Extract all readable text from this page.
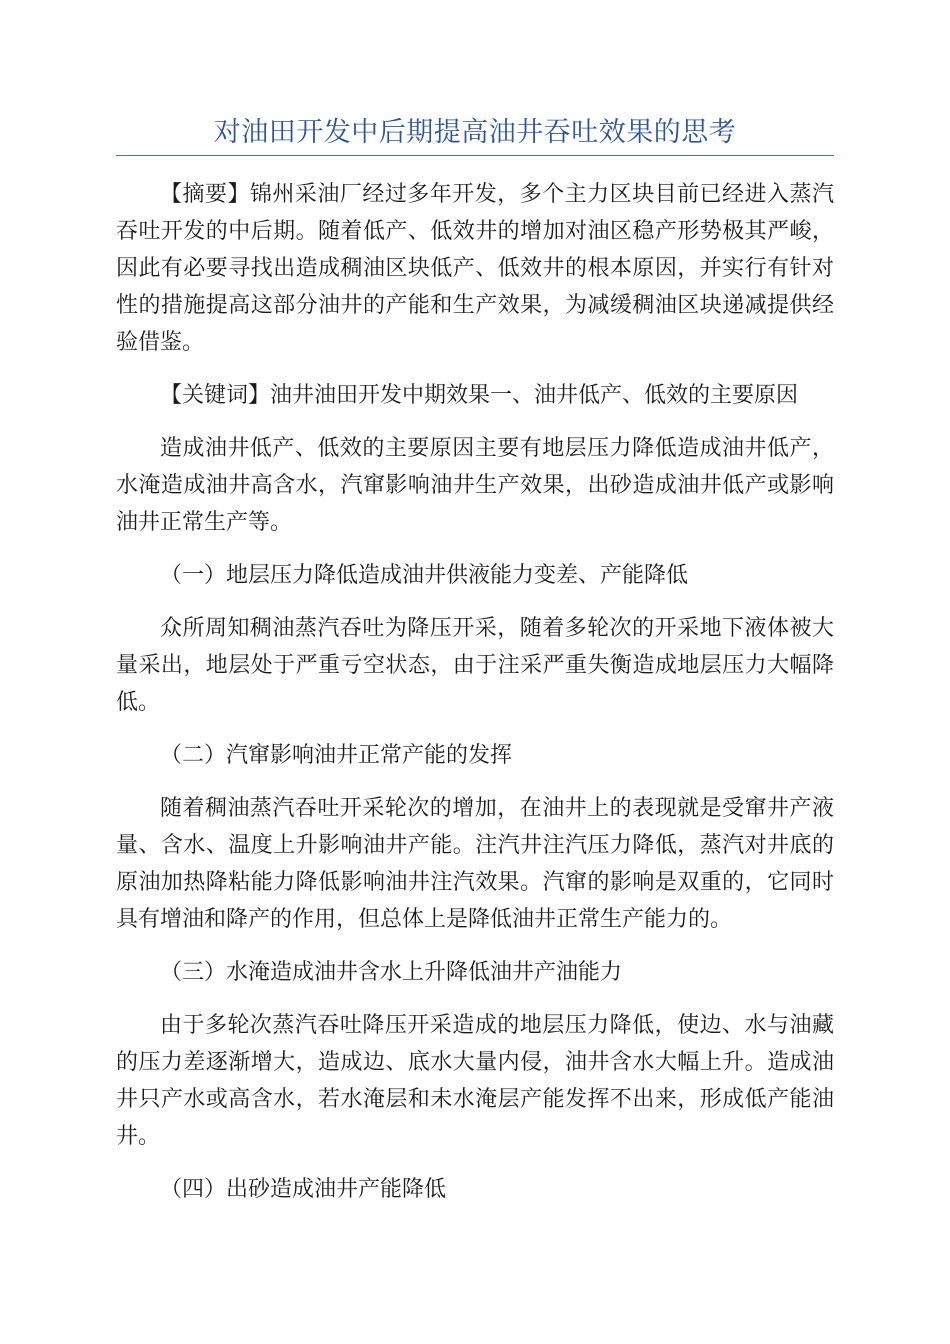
对油田开发中后期提高油井吞吐效果的思考

【摘要】锦州采油厂经过多年开发，多个主力区块目前已经进入蒸汽吞吐开发的中后期。随着低产、低效井的增加对油区稳产形势极其严峻，因此有必要寻找出造成稠油区块低产、低效井的根本原因，并实行有针对性的措施提高这部分油井的产能和生产效果，为减缓稠油区块递减提供经验借鉴。

【关键词】油井油田开发中期效果一、油井低产、低效的主要原因

造成油井低产、低效的主要原因主要有地层压力降低造成油井低产，水淹造成油井高含水，汽窜影响油井生产效果，出砂造成油井低产或影响油井正常生产等。

（一）地层压力降低造成油井供液能力变差、产能降低

众所周知稠油蒸汽吞吐为降压开采，随着多轮次的开采地下液体被大量采出，地层处于严重亏空状态，由于注采严重失衡造成地层压力大幅降低。

（二）汽窜影响油井正常产能的发挥

随着稠油蒸汽吞吐开采轮次的增加，在油井上的表现就是受窜井产液量、含水、温度上升影响油井产能。注汽井注汽压力降低，蒸汽对井底的原油加热降粘能力降低影响油井注汽效果。汽窜的影响是双重的，它同时具有增油和降产的作用，但总体上是降低油井正常生产能力的。

（三）水淹造成油井含水上升降低油井产油能力

由于多轮次蒸汽吞吐降压开采造成的地层压力降低，使边、水与油藏的压力差逐渐增大，造成边、底水大量内侵，油井含水大幅上升。造成油井只产水或高含水，若水淹层和未水淹层产能发挥不出来，形成低产能油井。

（四）出砂造成油井产能降低
